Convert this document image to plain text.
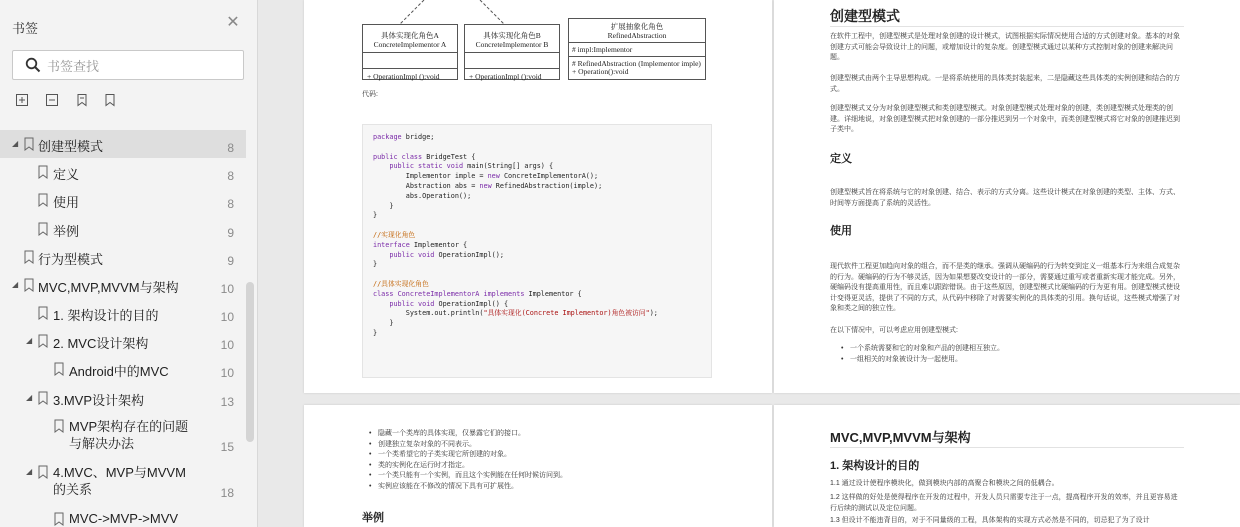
书签	✕
书签查找
◢ 创建型模式	8
定义	8
使用	8
举例	9
行为型模式	9
◢ MVC,MVP,MVVM与架构	10
1. 架构设计的目的	10
◢ 2. MVC设计架构	10
Android中的MVC	10
◢ 3.MVP设计架构	13
MVP架构存在的问题与解决办法	15
◢ 4.MVC、MVP与MVVM的关系	18
MVC->MVP->MVV
具体实现化角色A
ConcreteImplementor A
+ OperationImpl ():void
具体实现化角色B
ConcreteImplementor B
+ OperationImpl ():void
扩展抽象化角色
RefinedAbstraction
# impl:Implementor
# RefinedAbstraction (Implementor imple)
+ Operation():void
代码:
package bridge;

public class BridgeTest {
public static void main(String[] args) {
Implementor imple = new ConcreteImplementorA();
Abstraction abs = new RefinedAbstraction(imple);
abs.Operation();
}
}

//实现化角色
interface Implementor {
public void OperationImpl();
}

//具体实现化角色
class ConcreteImplementorA implements Implementor {
public void OperationImpl() {
System.out.println("具体实现化(Concrete Implementor)角色被访问");
}
}
创建型模式
在软件工程中，创建型模式是处理对象创建的设计模式，试图根据实际情况使用合适的方式创建对象。基本的对象创建方式可能会导致设计上的问题，或增加设计的复杂度。创建型模式通过以某种方式控制对象的创建来解决问题。
创建型模式由两个主导思想构成。一是将系统使用的具体类封装起来，二是隐藏这些具体类的实例创建和结合的方式。
创建型模式又分为对象创建型模式和类创建型模式。对象创建型模式处理对象的创建，类创建型模式处理类的创建。详细地说，对象创建型模式把对象创建的一部分推迟到另一个对象中，而类创建型模式将它对象的创建推迟到子类中。
定义
创建型模式旨在将系统与它的对象创建、结合、表示的方式分离。这些设计模式在对象创建的类型、主体、方式、时间等方面提高了系统的灵活性。
使用
现代软件工程更加趋向对象的组合，而不是类的继承。强调从硬编码的行为转变到定义一组基本行为来组合成复杂的行为。硬编码的行为不够灵活，因为如果想要改变设计的一部分，需要通过重写或者重新实现才能完成。另外，硬编码没有提高重用性，而且难以跟踪错误。由于这些原因，创建型模式比硬编码的行为更有用。创建型模式使设计变得更灵活，提供了不同的方式，从代码中移除了对需要实例化的具体类的引用。换句话说，这些模式增强了对象和类之间的独立性。
在以下情况中，可以考虑应用创建型模式:
• 一个系统需要和它的对象和产品的创建相互独立。
• 一组相关的对象被设计为一起使用。
• 隐藏一个类库的具体实现，仅暴露它们的接口。
• 创建独立复杂对象的不同表示。
• 一个类希望它的子类实现它所创建的对象。
• 类的实例化在运行时才指定。
• 一个类只能有一个实例，而且这个实例能在任何时候访问到。
• 实例应该能在不修改的情况下具有可扩展性。
举例
MVC,MVP,MVVM与架构
1. 架构设计的目的
1.1 通过设计使程序模块化，做到模块内部的高聚合和模块之间的低耦合。
1.2 这样做的好处是使得程序在开发的过程中，开发人员只需要专注于一点，提高程序开发的效率，并且更容易进行后续的测试以及定位问题。
1.3 但设计不能违背目的，对于不同量级的工程，具体架构的实现方式必然是不同的，切忌犯了为了设计
